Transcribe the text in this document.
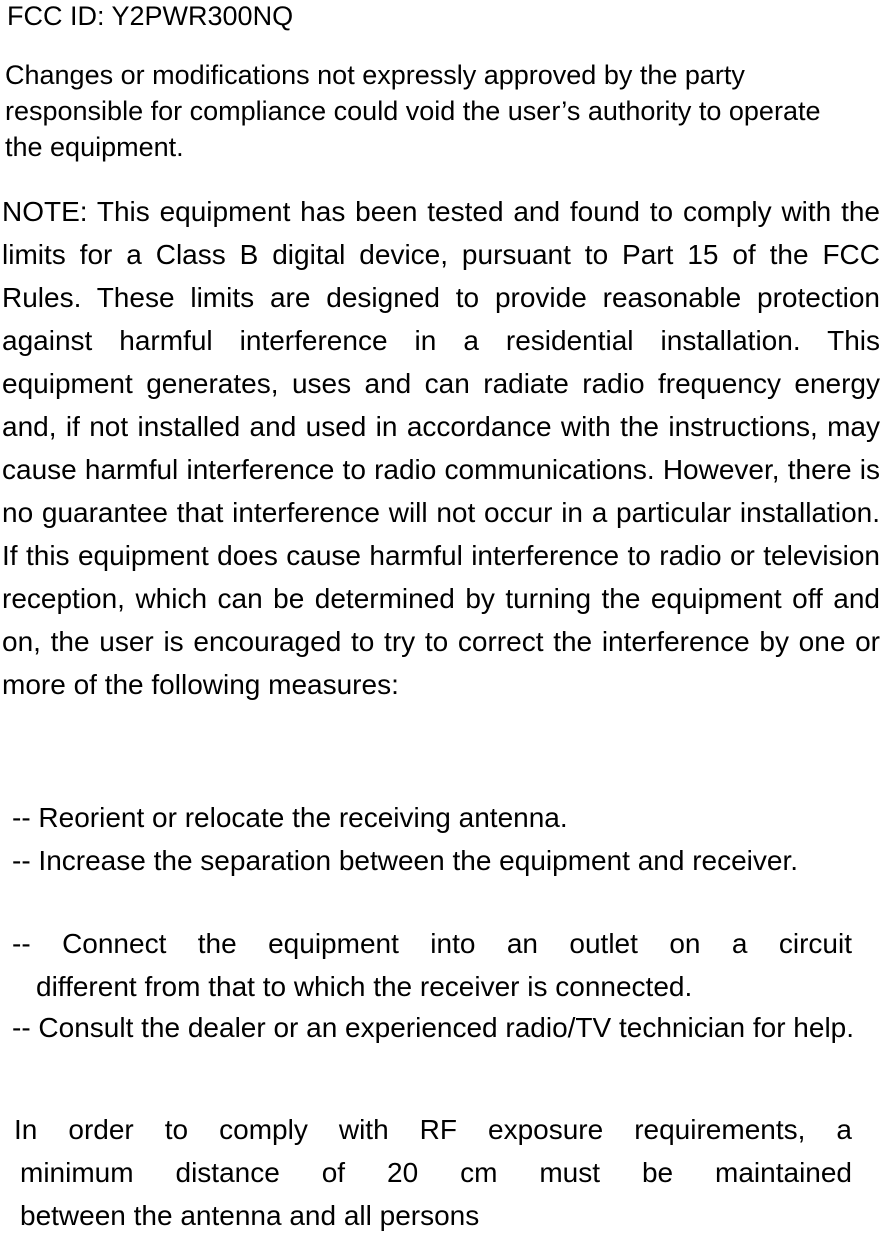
FCC ID: Y2PWR300NQ

Changes or modifications not expressly approved by the party responsible for compliance could void the user’s authority to operate the equipment.

NOTE: This equipment has been tested and found to comply with the limits for a Class B digital device, pursuant to Part 15 of the FCC Rules. These limits are designed to provide reasonable protection against harmful interference in a residential installation. This equipment generates, uses and can radiate radio frequency energy and, if not installed and used in accordance with the instructions, may cause harmful interference to radio communications. However, there is no guarantee that interference will not occur in a particular installation. If this equipment does cause harmful interference to radio or television reception, which can be determined by turning the equipment off and on, the user is encouraged to try to correct the interference by one or more of the following measures:

-- Reorient or relocate the receiving antenna.

-- Increase the separation between the equipment and receiver.

-- Connect the equipment into an outlet on a circuit
different from that to which the receiver is connected.

-- Consult the dealer or an experienced radio/TV technician for help.

In order to comply with RF exposure requirements, a
minimum distance of 20 cm must be maintained
between the antenna and all persons
